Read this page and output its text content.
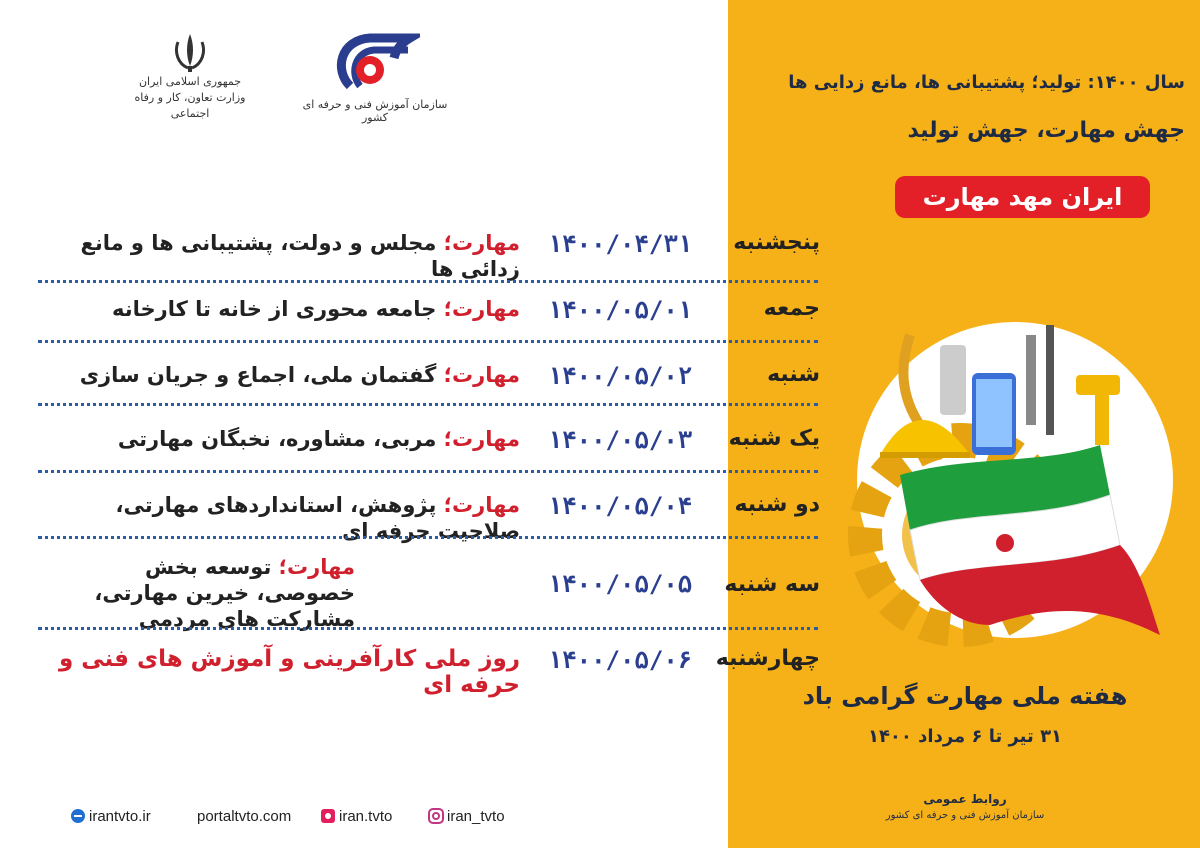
جمهوری اسلامی ایران
وزارت تعاون، کار و رفاه اجتماعی
سازمان آموزش فنی و حرفه ای کشور
پنجشنبه
۱۴۰۰/۰۴/۳۱
مهارت؛ مجلس و دولت، پشتیبانی ها و مانع زدائی ها
جمعه
۱۴۰۰/۰۵/۰۱
مهارت؛ جامعه محوری از خانه تا کارخانه
شنبه
۱۴۰۰/۰۵/۰۲
مهارت؛ گفتمان ملی، اجماع و جریان سازی
یک شنبه
۱۴۰۰/۰۵/۰۳
مهارت؛ مربی، مشاوره، نخبگان مهارتی
دو شنبه
۱۴۰۰/۰۵/۰۴
مهارت؛ پژوهش، استانداردهای مهارتی، صلاحیت حرفه ای
سه شنبه
۱۴۰۰/۰۵/۰۵
مهارت؛ توسعه بخش خصوصی، خیرین مهارتی، مشارکت های مردمی
چهارشنبه
۱۴۰۰/۰۵/۰۶
روز ملی کارآفرینی و آموزش های فنی و حرفه ای
سال ۱۴۰۰: تولید؛ پشتیبانی ها، مانع زدایی ها
جهش مهارت، جهش تولید
ایران مهد مهارت
هفته ملی مهارت گرامی باد
۳۱ تیر تا ۶ مرداد ۱۴۰۰
روابط عمومی
سازمان آموزش فنی و حرفه ای کشور
irantvto.ir	portaltvto.com	iran.tvto	iran_tvto
